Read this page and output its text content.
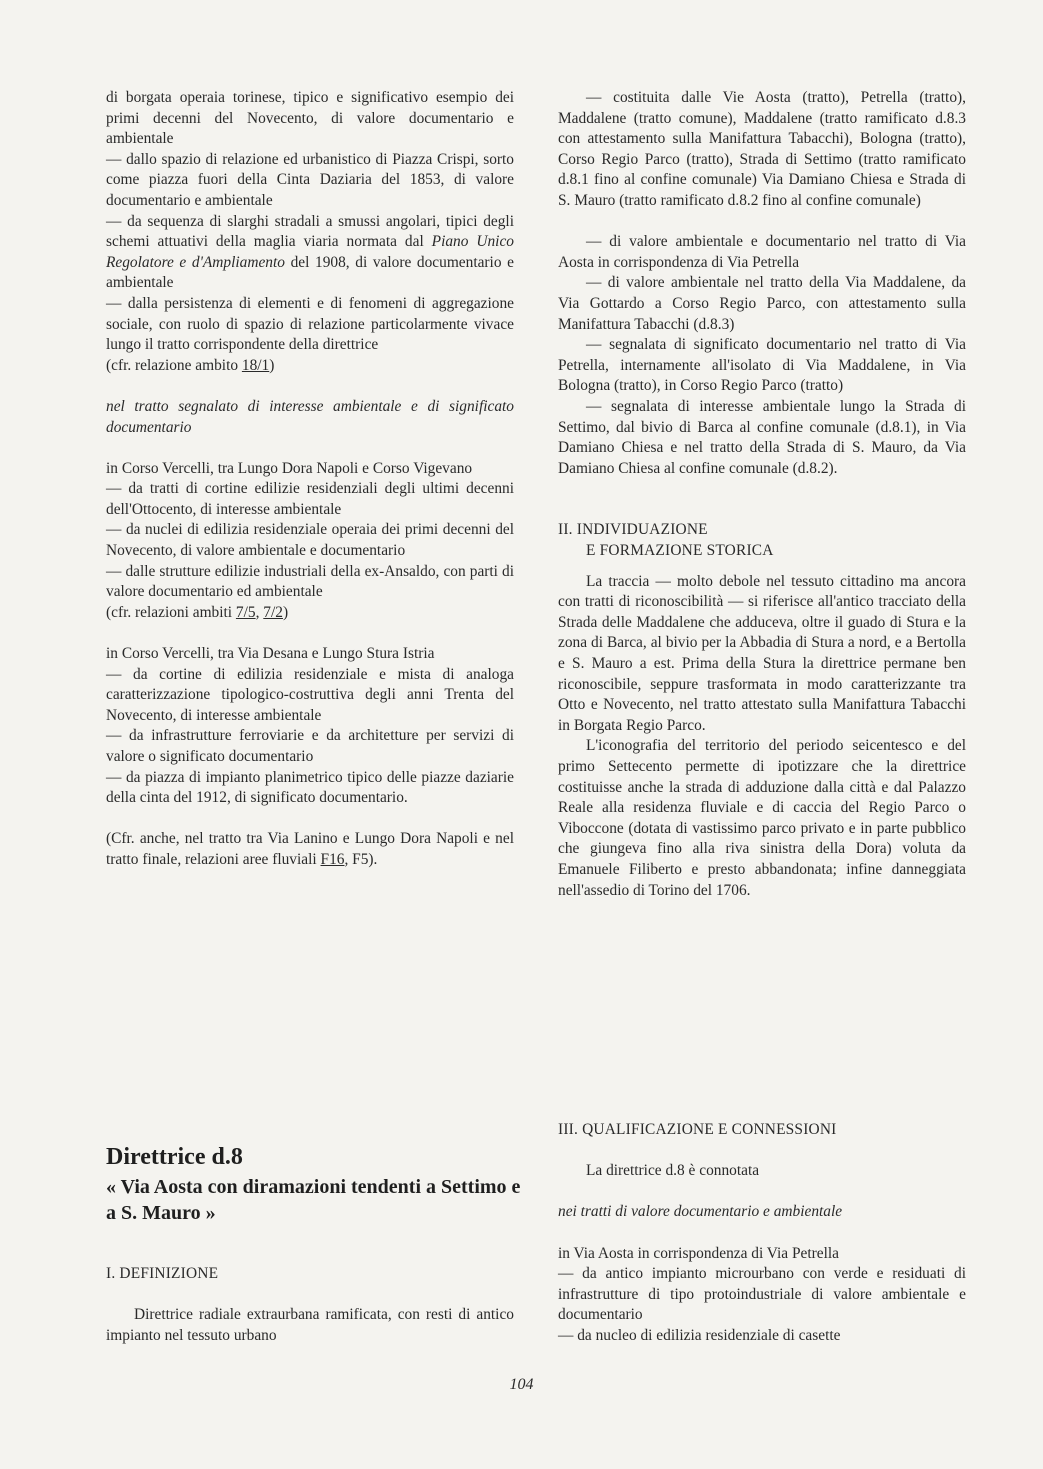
di borgata operaia torinese, tipico e significativo esempio dei primi decenni del Novecento, di valore documentario e ambientale

— dallo spazio di relazione ed urbanistico di Piazza Crispi, sorto come piazza fuori della Cinta Daziaria del 1853, di valore documentario e ambientale

— da sequenza di slarghi stradali a smussi angolari, tipici degli schemi attuativi della maglia viaria normata dal Piano Unico Regolatore e d'Ampliamento del 1908, di valore documentario e ambientale

— dalla persistenza di elementi e di fenomeni di aggregazione sociale, con ruolo di spazio di relazione particolarmente vivace lungo il tratto corrispondente della direttrice

(cfr. relazione ambito 18/1)

nel tratto segnalato di interesse ambientale e di significato documentario

in Corso Vercelli, tra Lungo Dora Napoli e Corso Vigevano

— da tratti di cortine edilizie residenziali degli ultimi decenni dell'Ottocento, di interesse ambientale

— da nuclei di edilizia residenziale operaia dei primi decenni del Novecento, di valore ambientale e documentario

— dalle strutture edilizie industriali della ex-Ansaldo, con parti di valore documentario ed ambientale

(cfr. relazioni ambiti 7/5, 7/2)

in Corso Vercelli, tra Via Desana e Lungo Stura Istria

— da cortine di edilizia residenziale e mista di analoga caratterizzazione tipologico-costruttiva degli anni Trenta del Novecento, di interesse ambientale

— da infrastrutture ferroviarie e da architetture per servizi di valore o significato documentario

— da piazza di impianto planimetrico tipico delle piazze daziarie della cinta del 1912, di significato documentario.

(Cfr. anche, nel tratto tra Via Lanino e Lungo Dora Napoli e nel tratto finale, relazioni aree fluviali F16, F5).

Direttrice d.8
« Via Aosta con diramazioni tendenti a Settimo e a S. Mauro »

I. DEFINIZIONE

Direttrice radiale extraurbana ramificata, con resti di antico impianto nel tessuto urbano

— costituita dalle Vie Aosta (tratto), Petrella (tratto), Maddalene (tratto comune), Maddalene (tratto ramificato d.8.3 con attestamento sulla Manifattura Tabacchi), Bologna (tratto), Corso Regio Parco (tratto), Strada di Settimo (tratto ramificato d.8.1 fino al confine comunale) Via Damiano Chiesa e Strada di S. Mauro (tratto ramificato d.8.2 fino al confine comunale)

— di valore ambientale e documentario nel tratto di Via Aosta in corrispondenza di Via Petrella

— di valore ambientale nel tratto della Via Maddalene, da Via Gottardo a Corso Regio Parco, con attestamento sulla Manifattura Tabacchi (d.8.3)

— segnalata di significato documentario nel tratto di Via Petrella, internamente all'isolato di Via Maddalene, in Via Bologna (tratto), in Corso Regio Parco (tratto)

— segnalata di interesse ambientale lungo la Strada di Settimo, dal bivio di Barca al confine comunale (d.8.1), in Via Damiano Chiesa e nel tratto della Strada di S. Mauro, da Via Damiano Chiesa al confine comunale (d.8.2).

II. INDIVIDUAZIONE
E FORMAZIONE STORICA

La traccia — molto debole nel tessuto cittadino ma ancora con tratti di riconoscibilità — si riferisce all'antico tracciato della Strada delle Maddalene che adduceva, oltre il guado di Stura e la zona di Barca, al bivio per la Abbadia di Stura a nord, e a Bertolla e S. Mauro a est. Prima della Stura la direttrice permane ben riconoscibile, seppure trasformata in modo caratterizzante tra Otto e Novecento, nel tratto attestato sulla Manifattura Tabacchi in Borgata Regio Parco.

L'iconografia del territorio del periodo seicentesco e del primo Settecento permette di ipotizzare che la direttrice costituisse anche la strada di adduzione dalla città e dal Palazzo Reale alla residenza fluviale e di caccia del Regio Parco o Viboccone (dotata di vastissimo parco privato e in parte pubblico che giungeva fino alla riva sinistra della Dora) voluta da Emanuele Filiberto e presto abbandonata; infine danneggiata nell'assedio di Torino del 1706.

III. QUALIFICAZIONE E CONNESSIONI

La direttrice d.8 è connotata

nei tratti di valore documentario e ambientale

in Via Aosta in corrispondenza di Via Petrella

— da antico impianto microurbano con verde e residuati di infrastrutture di tipo protoindustriale di valore ambientale e documentario

— da nucleo di edilizia residenziale di casette

104
